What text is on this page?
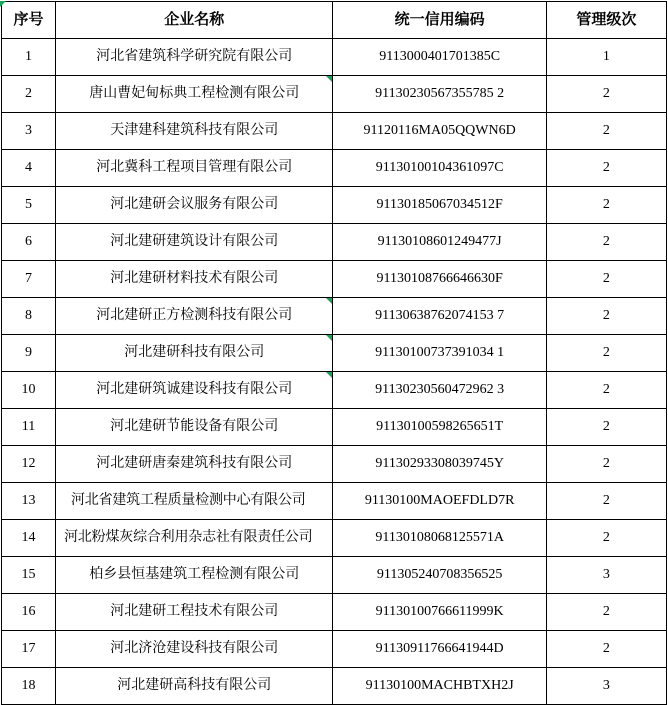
序号	企业名称	统一信用编码	管理级次
1	河北省建筑科学研究院有限公司	9113000401701385C	1
2	唐山曹妃甸标典工程检测有限公司	91130230567355785 2	2
3	天津建科建筑科技有限公司	91120116MA05QQWN6D	2
4	河北冀科工程项目管理有限公司	91130100104361097C	2
5	河北建研会议服务有限公司	91130185067034512F	2
6	河北建研建筑设计有限公司	91130108601249477J	2
7	河北建研材料技术有限公司	91130108766646630F	2
8	河北建研正方检测科技有限公司	91130638762074153 7	2
9	河北建研科技有限公司	91130100737391034 1	2
10	河北建研筑诚建设科技有限公司	91130230560472962 3	2
11	河北建研节能设备有限公司	91130100598265651T	2
12	河北建研唐秦建筑科技有限公司	91130293308039745Y	2
13	河北省建筑工程质量检测中心有限公司	91130100MAOEFDLD7R	2
14	河北粉煤灰综合利用杂志社有限责任公司	91130108068125571A	2
15	柏乡县恒基建筑工程检测有限公司	911305240708356525	3
16	河北建研工程技术有限公司	91130100766611999K	2
17	河北济沧建设科技有限公司	91130911766641944D	2
18	河北建研高科技有限公司	91130100MACHBTXH2J	3
